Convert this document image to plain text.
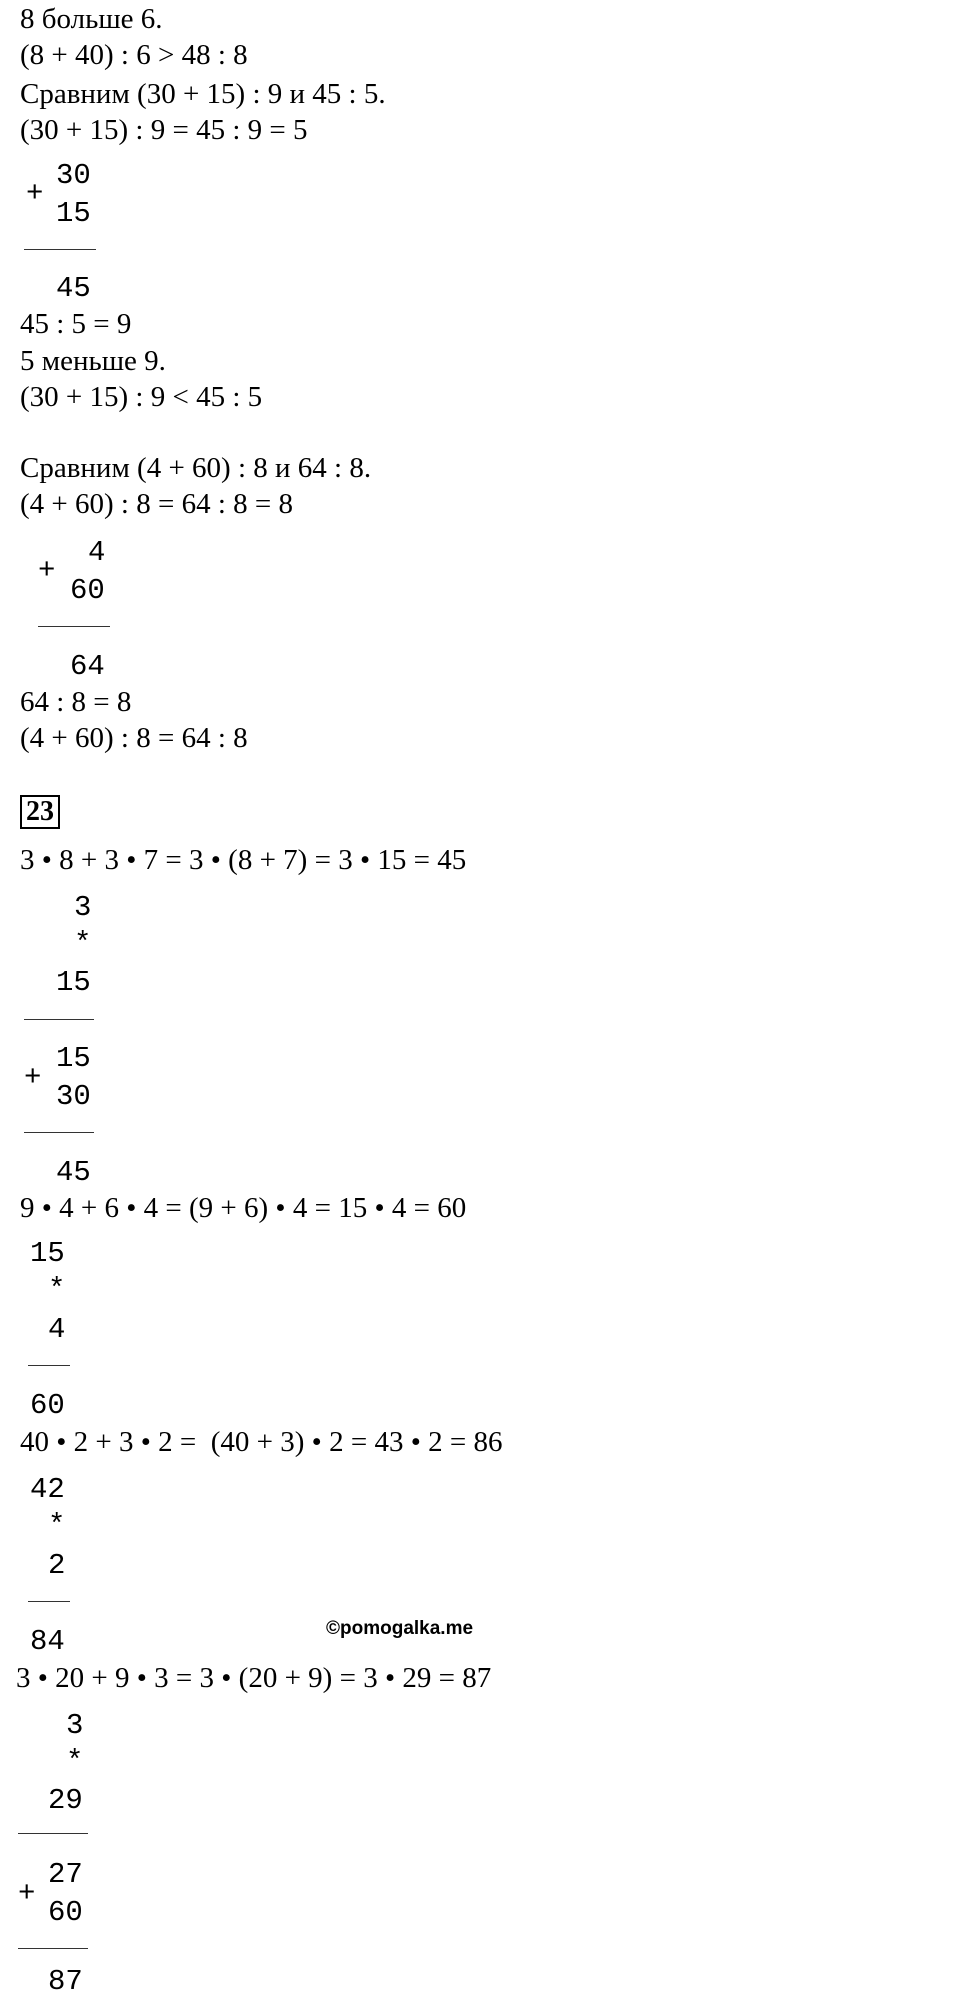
8 больше 6.
(8 + 40) : 6 > 48 : 8
Сравним (30 + 15) : 9 и 45 : 5.
(30 + 15) : 9 = 45 : 9 = 5
+
30
15
45
45 : 5 = 9
5 меньше 9.
(30 + 15) : 9 < 45 : 5
Сравним (4 + 60) : 8 и 64 : 8.
(4 + 60) : 8 = 64 : 8 = 8
+
4
60
64
64 : 8 = 8
(4 + 60) : 8 = 64 : 8
23
3 • 8 + 3 • 7 = 3 • (8 + 7) = 3 • 15 = 45
3
*
15
+
15
30
45
9 • 4 + 6 • 4 = (9 + 6) • 4 = 15 • 4 = 60
15
*
4
60
40 • 2 + 3 • 2 =  (40 + 3) • 2 = 43 • 2 = 86
42
*
2
84	©pomogalka.me
3 • 20 + 9 • 3 = 3 • (20 + 9) = 3 • 29 = 87
3
*
29
+
27
60
87
